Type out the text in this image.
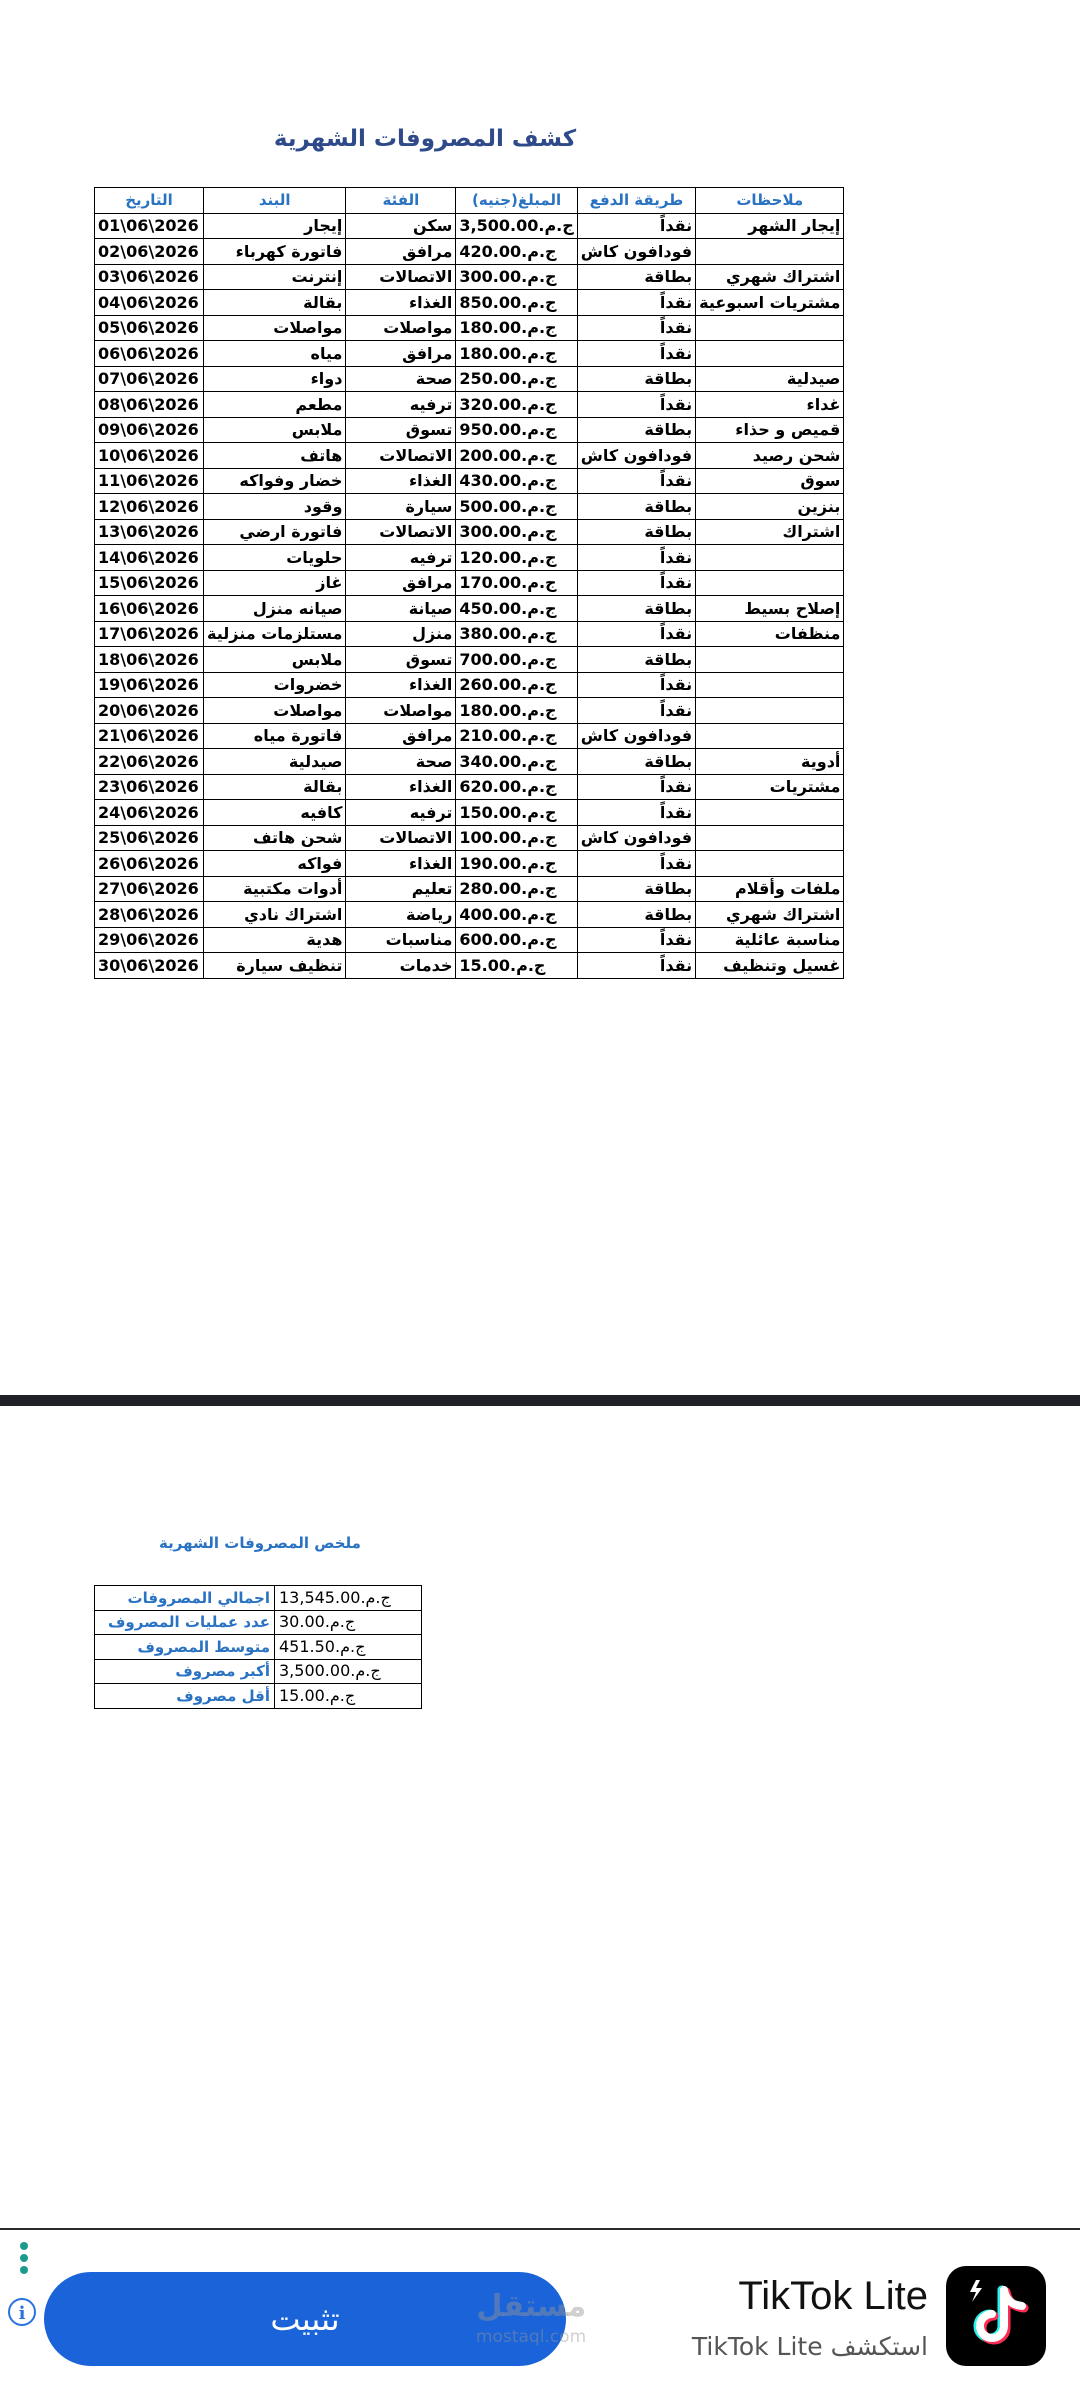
كشف المصروفات الشهرية
التاريخ	البند	الفئة	المبلغ(جنيه)	طريقة الدفع	ملاحظات
01\06\2026	إيجار	سكن	ج.م.3,500.00	نقداً	إيجار الشهر
02\06\2026	فاتورة كهرباء	مرافق	ج.م.420.00	فودافون كاش	
03\06\2026	إنترنت	الاتصالات	ج.م.300.00	بطاقة	اشتراك شهري
04\06\2026	بقالة	الغذاء	ج.م.850.00	نقداً	مشتريات اسبوعية
05\06\2026	مواصلات	مواصلات	ج.م.180.00	نقداً	
06\06\2026	مياه	مرافق	ج.م.180.00	نقداً	
07\06\2026	دواء	صحة	ج.م.250.00	بطاقة	صيدلية
08\06\2026	مطعم	ترفيه	ج.م.320.00	نقداً	غداء
09\06\2026	ملابس	تسوق	ج.م.950.00	بطاقة	قميص و حذاء
10\06\2026	هاتف	الاتصالات	ج.م.200.00	فودافون كاش	شحن رصيد
11\06\2026	خضار وفواكه	الغذاء	ج.م.430.00	نقداً	سوق
12\06\2026	وقود	سيارة	ج.م.500.00	بطاقة	بنزين
13\06\2026	فاتورة ارضي	الاتصالات	ج.م.300.00	بطاقة	اشتراك
14\06\2026	حلويات	ترفيه	ج.م.120.00	نقداً	
15\06\2026	غاز	مرافق	ج.م.170.00	نقداً	
16\06\2026	صيانه منزل	صيانة	ج.م.450.00	بطاقة	إصلاح بسيط
17\06\2026	مستلزمات منزلية	منزل	ج.م.380.00	نقداً	منظفات
18\06\2026	ملابس	تسوق	ج.م.700.00	بطاقة	
19\06\2026	خضروات	الغذاء	ج.م.260.00	نقداً	
20\06\2026	مواصلات	مواصلات	ج.م.180.00	نقداً	
21\06\2026	فاتورة مياه	مرافق	ج.م.210.00	فودافون كاش	
22\06\2026	صيدلية	صحة	ج.م.340.00	بطاقة	أدوية
23\06\2026	بقالة	الغذاء	ج.م.620.00	نقداً	مشتريات
24\06\2026	كافيه	ترفيه	ج.م.150.00	نقداً	
25\06\2026	شحن هاتف	الاتصالات	ج.م.100.00	فودافون كاش	
26\06\2026	فواكه	الغذاء	ج.م.190.00	نقداً	
27\06\2026	أدوات مكتبية	تعليم	ج.م.280.00	بطاقة	ملفات وأقلام
28\06\2026	اشتراك نادي	رياضة	ج.م.400.00	بطاقة	اشتراك شهري
29\06\2026	هدية	مناسبات	ج.م.600.00	نقداً	مناسبة عائلية
30\06\2026	تنظيف سيارة	خدمات	ج.م.15.00	نقداً	غسيل وتنظيف
ملخص المصروفات الشهرية
اجمالي المصروفات	ج.م.13,545.00
عدد عمليات المصروف	ج.م.30.00
متوسط المصروف	ج.م.451.50
أكبر مصروف	ج.م.3,500.00
أقل مصروف	ج.م.15.00
i	تثبيت	مستقل
mostaql.com
TikTok Lite
استكشف TikTok Lite
